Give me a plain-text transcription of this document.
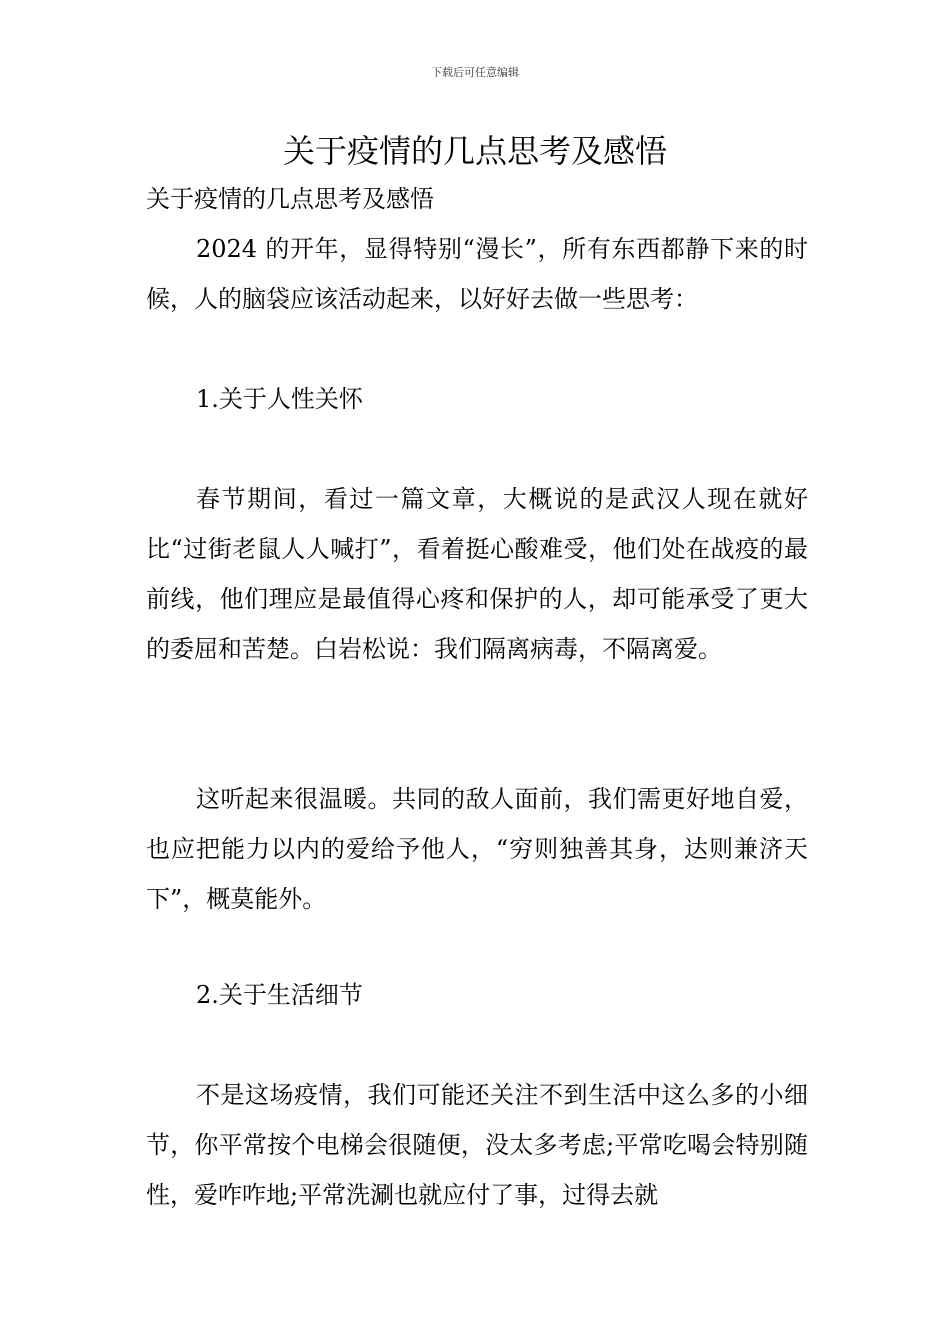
下载后可任意编辑
关于疫情的几点思考及感悟
关于疫情的几点思考及感悟
2024 的开年，显得特别“漫长”，所有东西都静下来的时候，人的脑袋应该活动起来，以好好去做一些思考：
1.关于人性关怀
春节期间，看过一篇文章，大概说的是武汉人现在就好比“过街老鼠人人喊打”，看着挺心酸难受，他们处在战疫的最前线，他们理应是最值得心疼和保护的人，却可能承受了更大的委屈和苦楚。白岩松说：我们隔离病毒，不隔离爱。
这听起来很温暖。共同的敌人面前，我们需更好地自爱，也应把能力以内的爱给予他人，“穷则独善其身，达则兼济天下”，概莫能外。
2.关于生活细节
不是这场疫情，我们可能还关注不到生活中这么多的小细节，你平常按个电梯会很随便，没太多考虑;平常吃喝会特别随性，爱咋咋地;平常洗涮也就应付了事，过得去就
